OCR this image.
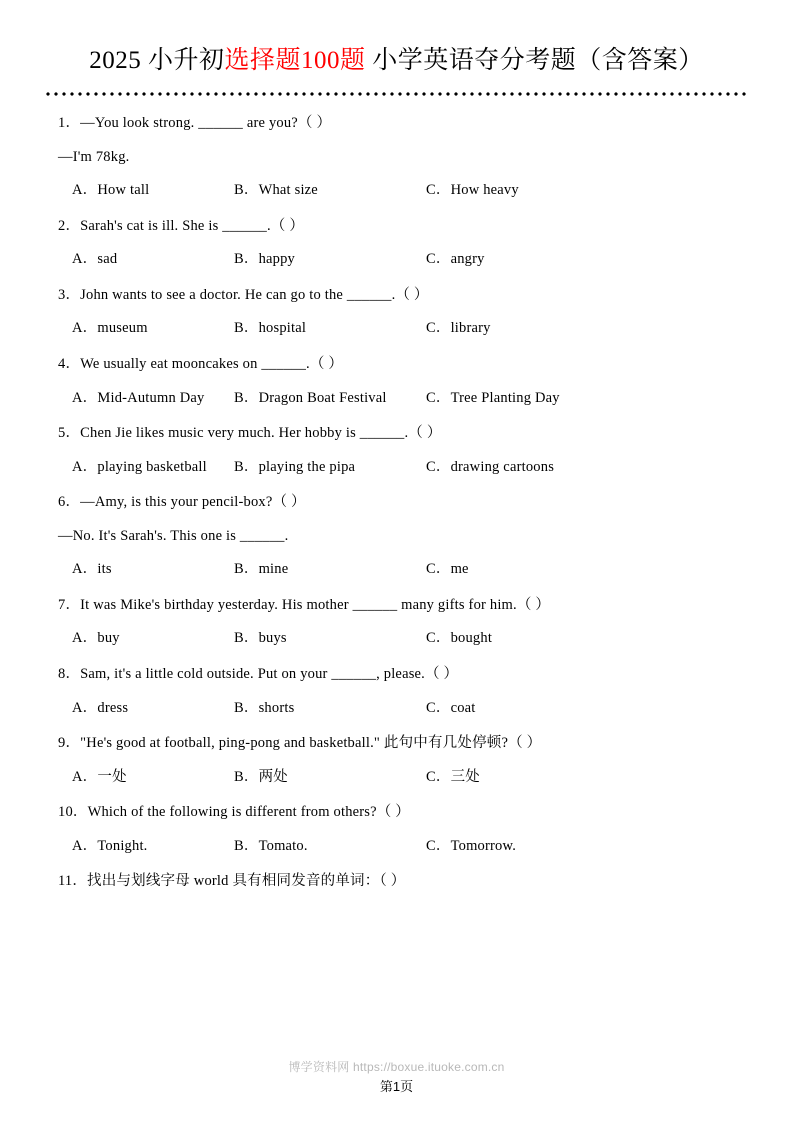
2025 小升初选择题100题 小学英语夺分考题（含答案）
1．—You look strong. ______ are you?（ ）
—I'm 78kg.
A．How tall	B．What size	C．How heavy
2．Sarah's cat is ill. She is ______.（ ）
A．sad	B．happy	C．angry
3．John wants to see a doctor. He can go to the ______.（ ）
A．museum	B．hospital	C．library
4．We usually eat mooncakes on ______.（ ）
A．Mid-Autumn Day	B．Dragon Boat Festival	C．Tree Planting Day
5．Chen Jie likes music very much. Her hobby is ______.（ ）
A．playing basketball	B．playing the pipa	C．drawing cartoons
6．—Amy, is this your pencil-box?（ ）
—No. It's Sarah's. This one is ______.
A．its	B．mine	C．me
7．It was Mike's birthday yesterday. His mother ______ many gifts for him.（ ）
A．buy	B．buys	C．bought
8．Sam, it's a little cold outside. Put on your ______, please.（ ）
A．dress	B．shorts	C．coat
9．"He's good at football, ping-pong and basketball." 此句中有几处停顿?（ ）
A．一处	B．两处	C．三处
10．Which of the following is different from others?（ ）
A．Tonight.	B．Tomato.	C．Tomorrow.
11．找出与划线字母 world 具有相同发音的单词：（ ）
博学资料网 https://boxue.ituoke.com.cn
第1页
